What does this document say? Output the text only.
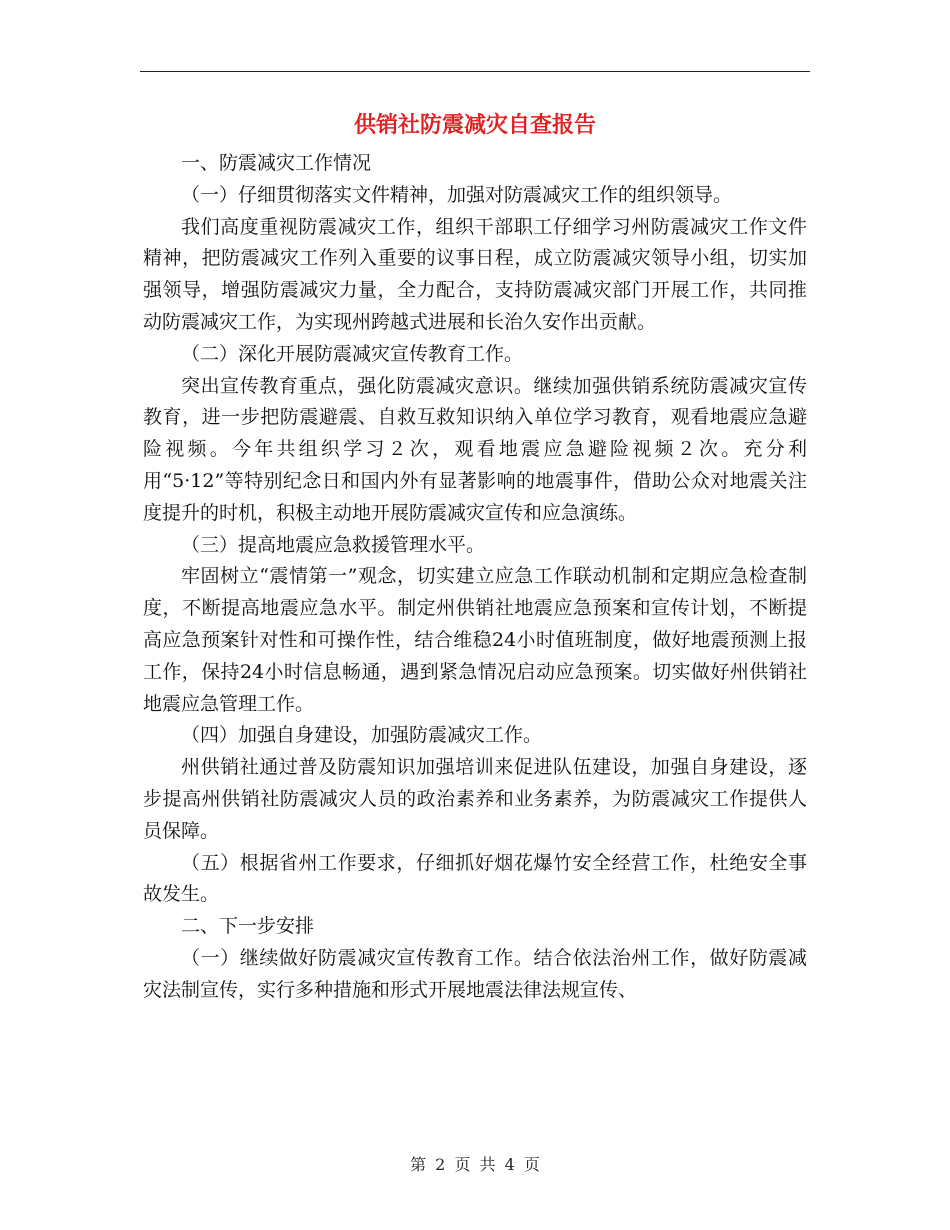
供销社防震减灾自查报告

一、防震减灾工作情况

（一）仔细贯彻落实文件精神，加强对防震减灾工作的组织领导。

我们高度重视防震减灾工作，组织干部职工仔细学习州防震减灾工作文件精神，把防震减灾工作列入重要的议事日程，成立防震减灾领导小组，切实加强领导，增强防震减灾力量，全力配合，支持防震减灾部门开展工作，共同推动防震减灾工作，为实现州跨越式进展和长治久安作出贡献。

（二）深化开展防震减灾宣传教育工作。

突出宣传教育重点，强化防震减灾意识。继续加强供销系统防震减灾宣传教育，进一步把防震避震、自救互救知识纳入单位学习教育，观看地震应急避险视频。今年共组织学习２次，观看地震应急避险视频２次。充分利用“5·12”等特别纪念日和国内外有显著影响的地震事件，借助公众对地震关注度提升的时机，积极主动地开展防震减灾宣传和应急演练。

（三）提高地震应急救援管理水平。

牢固树立“震情第一”观念，切实建立应急工作联动机制和定期应急检查制度，不断提高地震应急水平。制定州供销社地震应急预案和宣传计划，不断提高应急预案针对性和可操作性，结合维稳24小时值班制度，做好地震预测上报工作，保持24小时信息畅通，遇到紧急情况启动应急预案。切实做好州供销社地震应急管理工作。

（四）加强自身建设，加强防震减灾工作。

州供销社通过普及防震知识加强培训来促进队伍建设，加强自身建设，逐步提高州供销社防震减灾人员的政治素养和业务素养，为防震减灾工作提供人员保障。

（五）根据省州工作要求，仔细抓好烟花爆竹安全经营工作，杜绝安全事故发生。

二、下一步安排

（一）继续做好防震减灾宣传教育工作。结合依法治州工作，做好防震减灾法制宣传，实行多种措施和形式开展地震法律法规宣传、

第 2 页 共 4 页
